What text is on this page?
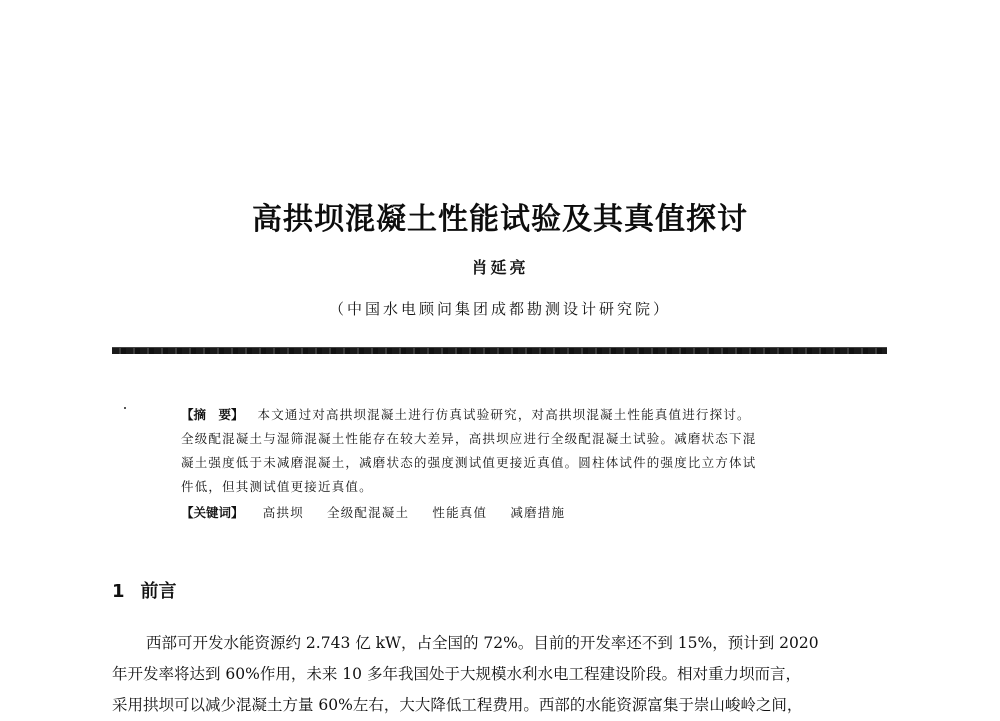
高拱坝混凝土性能试验及其真值探讨
肖延亮
（中国水电顾问集团成都勘测设计研究院）
【摘　要】 本文通过对高拱坝混凝土进行仿真试验研究，对高拱坝混凝土性能真值进行探讨。
全级配混凝土与湿筛混凝土性能存在较大差异，高拱坝应进行全级配混凝土试验。减磨状态下混
凝土强度低于未减磨混凝土，减磨状态的强度测试值更接近真值。圆柱体试件的强度比立方体试
件低，但其测试值更接近真值。
【关键词】 高拱坝 全级配混凝土 性能真值 减磨措施
1 前言
西部可开发水能资源约 2.743 亿 kW，占全国的 72%。目前的开发率还不到 15%，预计到 2020
年开发率将达到 60%作用，未来 10 多年我国处于大规模水利水电工程建设阶段。相对重力坝而言，
采用拱坝可以减少混凝土方量 60%左右，大大降低工程费用。西部的水能资源富集于崇山峻岭之间，
